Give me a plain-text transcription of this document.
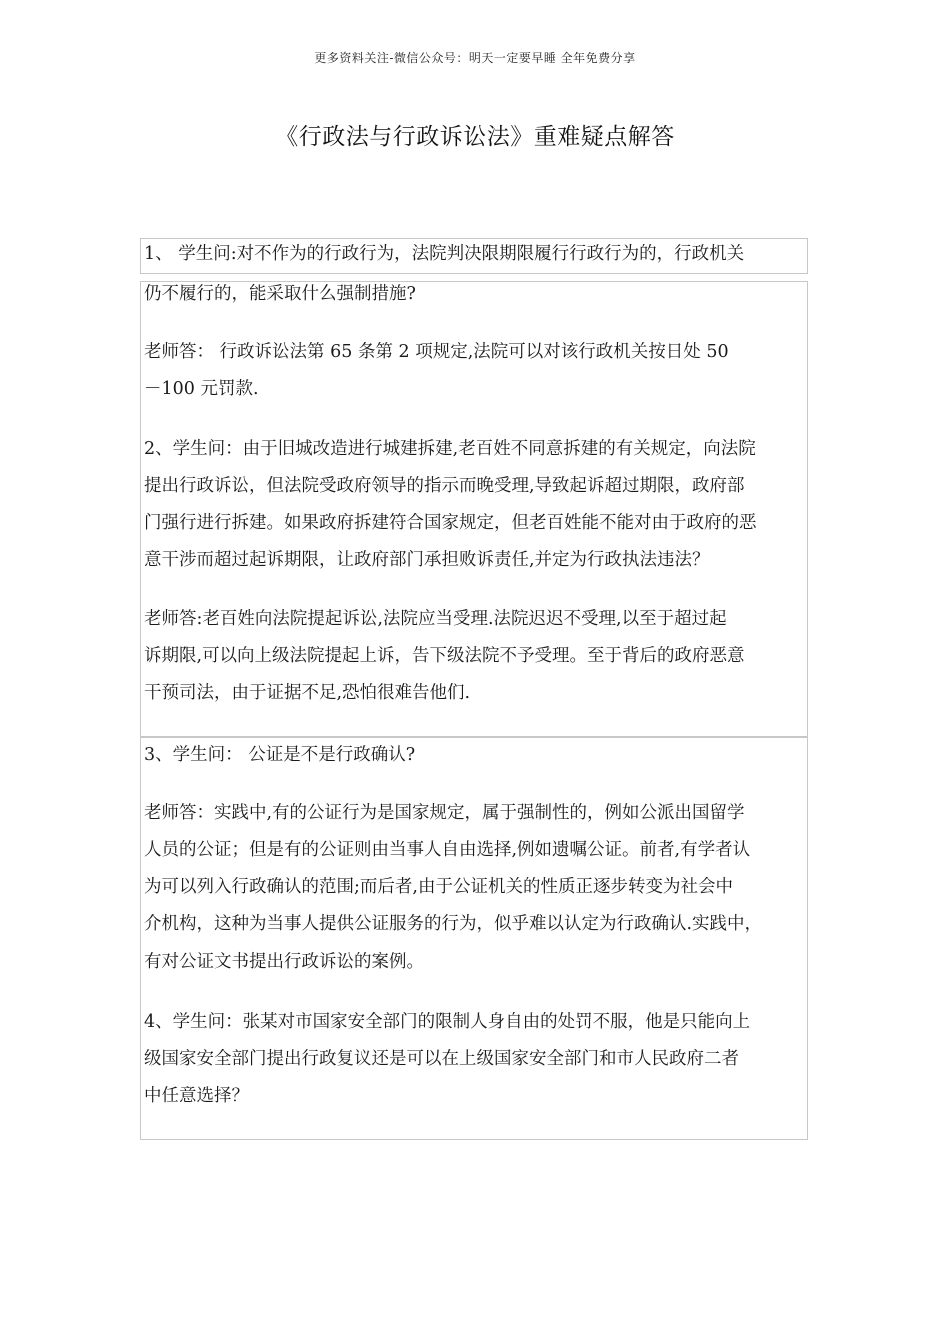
更多资料关注-微信公众号：明天一定要早睡 全年免费分享
《行政法与行政诉讼法》重难疑点解答
1、 学生问:对不作为的行政行为，法院判决限期限履行行政行为的，行政机关
仍不履行的，能采取什么强制措施?
老师答： 行政诉讼法第 65 条第 2 项规定,法院可以对该行政机关按日处 50
－100 元罚款.
2、学生问：由于旧城改造进行城建拆建,老百姓不同意拆建的有关规定，向法院
提出行政诉讼，但法院受政府领导的指示而晚受理,导致起诉超过期限，政府部
门强行进行拆建。如果政府拆建符合国家规定，但老百姓能不能对由于政府的恶
意干涉而超过起诉期限，让政府部门承担败诉责任,并定为行政执法违法？
老师答:老百姓向法院提起诉讼,法院应当受理.法院迟迟不受理,以至于超过起
诉期限,可以向上级法院提起上诉，告下级法院不予受理。至于背后的政府恶意
干预司法，由于证据不足,恐怕很难告他们.
3、学生问： 公证是不是行政确认?
老师答：实践中,有的公证行为是国家规定，属于强制性的，例如公派出国留学
人员的公证；但是有的公证则由当事人自由选择,例如遗嘱公证。前者,有学者认
为可以列入行政确认的范围;而后者,由于公证机关的性质正逐步转变为社会中
介机构，这种为当事人提供公证服务的行为，似乎难以认定为行政确认.实践中，
有对公证文书提出行政诉讼的案例。
4、学生问：张某对市国家安全部门的限制人身自由的处罚不服，他是只能向上
级国家安全部门提出行政复议还是可以在上级国家安全部门和市人民政府二者
中任意选择？
